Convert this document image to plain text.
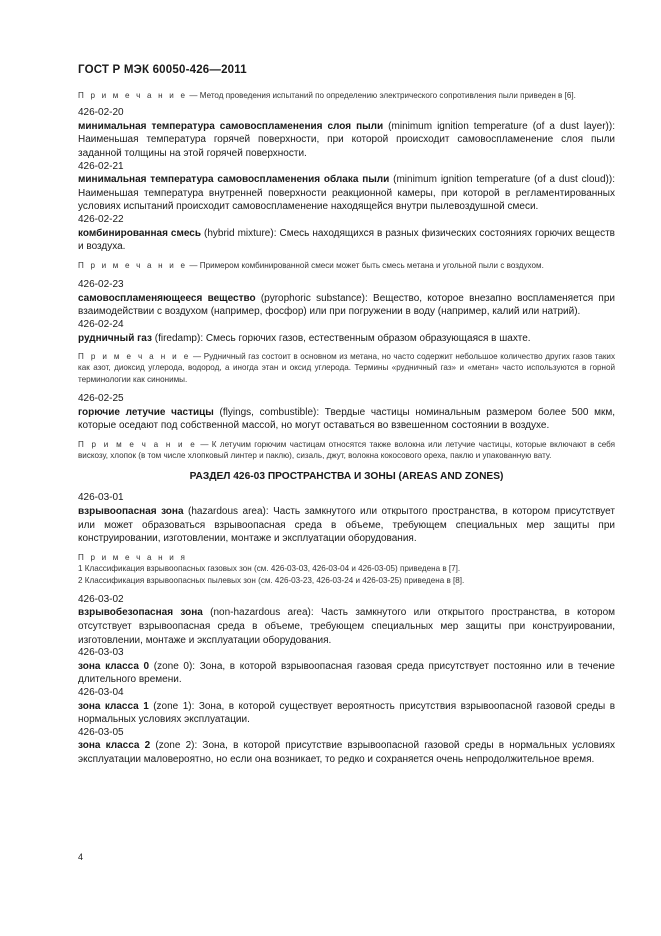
ГОСТ Р МЭК 60050-426—2011

П р и м е ч а н и е — Метод проведения испытаний по определению электрического сопротивления пыли приведен в [6].

426-02-20

минимальная температура самовоспламенения слоя пыли (minimum ignition temperature (of a dust layer)): Наименьшая температура горячей поверхности, при которой происходит самовоспламенение слоя пыли заданной толщины на этой горячей поверхности.

426-02-21

минимальная температура самовоспламенения облака пыли (minimum ignition temperature (of a dust cloud)): Наименьшая температура внутренней поверхности реакционной камеры, при которой в регламентированных условиях испытаний происходит самовоспламенение находящейся внутри пылевоздушной смеси.

426-02-22

комбинированная смесь (hybrid mixture): Смесь находящихся в разных физических состояниях горючих веществ и воздуха.

П р и м е ч а н и е — Примером комбинированной смеси может быть смесь метана и угольной пыли с воздухом.

426-02-23

самовоспламеняющееся вещество (pyrophoric substance): Вещество, которое внезапно воспламеняется при взаимодействии с воздухом (например, фосфор) или при погружении в воду (например, калий или натрий).

426-02-24

рудничный газ (firedamp): Смесь горючих газов, естественным образом образующаяся в шахте.

П р и м е ч а н и е — Рудничный газ состоит в основном из метана, но часто содержит небольшое количество других газов таких как азот, диоксид углерода, водород, а иногда этан и оксид углерода. Термины «рудничный газ» и «метан» часто используются в горной терминологии как синонимы.

426-02-25

горючие летучие частицы (flyings, combustible): Твердые частицы номинальным размером более 500 мкм, которые оседают под собственной массой, но могут оставаться во взвешенном состоянии в воздухе.

П р и м е ч а н и е — К летучим горючим частицам относятся также волокна или летучие частицы, которые включают в себя вискозу, хлопок (в том числе хлопковый линтер и паклю), сизаль, джут, волокна кокосового ореха, паклю и упакованную вату.

РАЗДЕЛ 426-03 ПРОСТРАНСТВА И ЗОНЫ (AREAS AND ZONES)

426-03-01

взрывоопасная зона (hazardous area): Часть замкнутого или открытого пространства, в котором присутствует или может образоваться взрывоопасная среда в объеме, требующем специальных мер защиты при конструировании, изготовлении, монтаже и эксплуатации оборудования.

П р и м е ч а н и я

1 Классификация взрывоопасных газовых зон (см. 426-03-03, 426-03-04 и 426-03-05) приведена в [7].

2 Классификация взрывоопасных пылевых зон (см. 426-03-23, 426-03-24 и 426-03-25) приведена в [8].

426-03-02

взрывобезопасная зона (non-hazardous area): Часть замкнутого или открытого пространства, в котором отсутствует взрывоопасная среда в объеме, требующем специальных мер защиты при конструировании, изготовлении, монтаже и эксплуатации оборудования.

426-03-03

зона класса 0 (zone 0): Зона, в которой взрывоопасная газовая среда присутствует постоянно или в течение длительного времени.

426-03-04

зона класса 1 (zone 1): Зона, в которой существует вероятность присутствия взрывоопасной газовой среды в нормальных условиях эксплуатации.

426-03-05

зона класса 2 (zone 2): Зона, в которой присутствие взрывоопасной газовой среды в нормальных условиях эксплуатации маловероятно, но если она возникает, то редко и сохраняется очень непродолжительное время.

4
